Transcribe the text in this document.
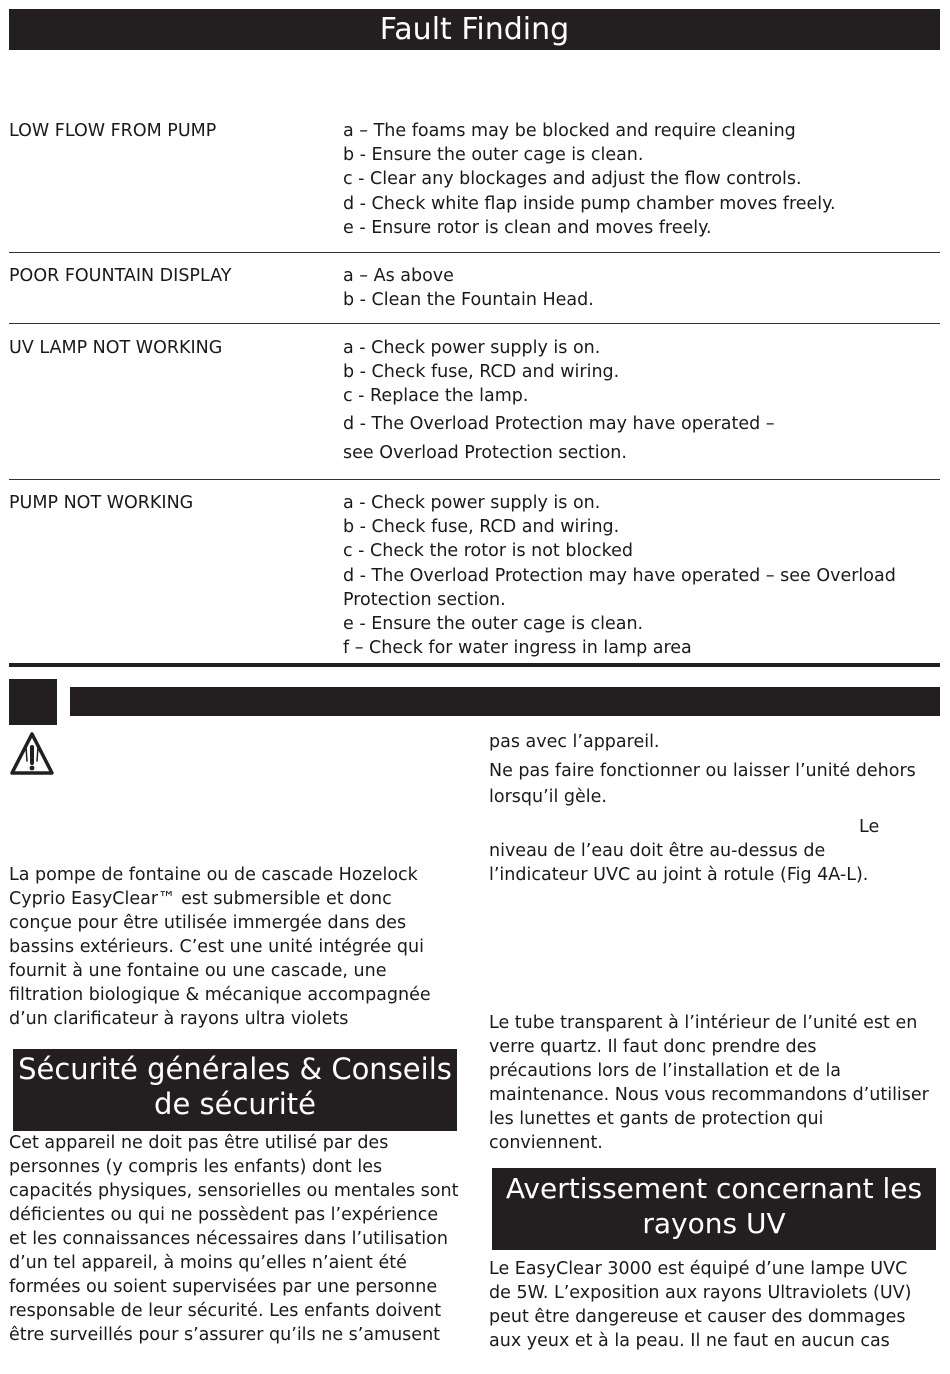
Fault Finding
LOW FLOW FROM PUMP	a – The foams may be blocked and require cleaning
b - Ensure the outer cage is clean.
c - Clear any blockages and adjust the flow controls.
d - Check white flap inside pump chamber moves freely.
e - Ensure rotor is clean and moves freely.
POOR FOUNTAIN DISPLAY	a – As above
b - Clean the Fountain Head.
UV LAMP NOT WORKING	a - Check power supply is on.
b - Check fuse, RCD and wiring.
c - Replace the lamp.
d - The Overload Protection may have operated –
see Overload Protection section.
PUMP NOT WORKING	a - Check power supply is on.
b - Check fuse, RCD and wiring.
c - Check the rotor is not blocked
d - The Overload Protection may have operated – see Overload
Protection section.
e - Ensure the outer cage is clean.
f – Check for water ingress in lamp area
La pompe de fontaine ou de cascade Hozelock
Cyprio EasyClear™ est submersible et donc
conçue pour être utilisée immergée dans des
bassins extérieurs. C’est une unité intégrée qui
fournit à une fontaine ou une cascade, une
filtration biologique & mécanique accompagnée
d’un clarificateur à rayons ultra violets
Sécurité générales & Conseils
de sécurité
Cet appareil ne doit pas être utilisé par des
personnes (y compris les enfants) dont les
capacités physiques, sensorielles ou mentales sont
déficientes ou qui ne possèdent pas l’expérience
et les connaissances nécessaires dans l’utilisation
d’un tel appareil, à moins qu’elles n’aient été
formées ou soient supervisées par une personne
responsable de leur sécurité. Les enfants doivent
être surveillés pour s’assurer qu’ils ne s’amusent
pas avec l’appareil.
Ne pas faire fonctionner ou laisser l’unité dehors
lorsqu’il gèle.
Le
niveau de l’eau doit être au-dessus de
l’indicateur UVC au joint à rotule (Fig 4A-L).
Le tube transparent à l’intérieur de l’unité est en
verre quartz. Il faut donc prendre des
précautions lors de l’installation et de la
maintenance. Nous vous recommandons d’utiliser
les lunettes et gants de protection qui
conviennent.
Avertissement concernant les
rayons UV
Le EasyClear 3000 est équipé d’une lampe UVC
de 5W. L’exposition aux rayons Ultraviolets (UV)
peut être dangereuse et causer des dommages
aux yeux et à la peau. Il ne faut en aucun cas
